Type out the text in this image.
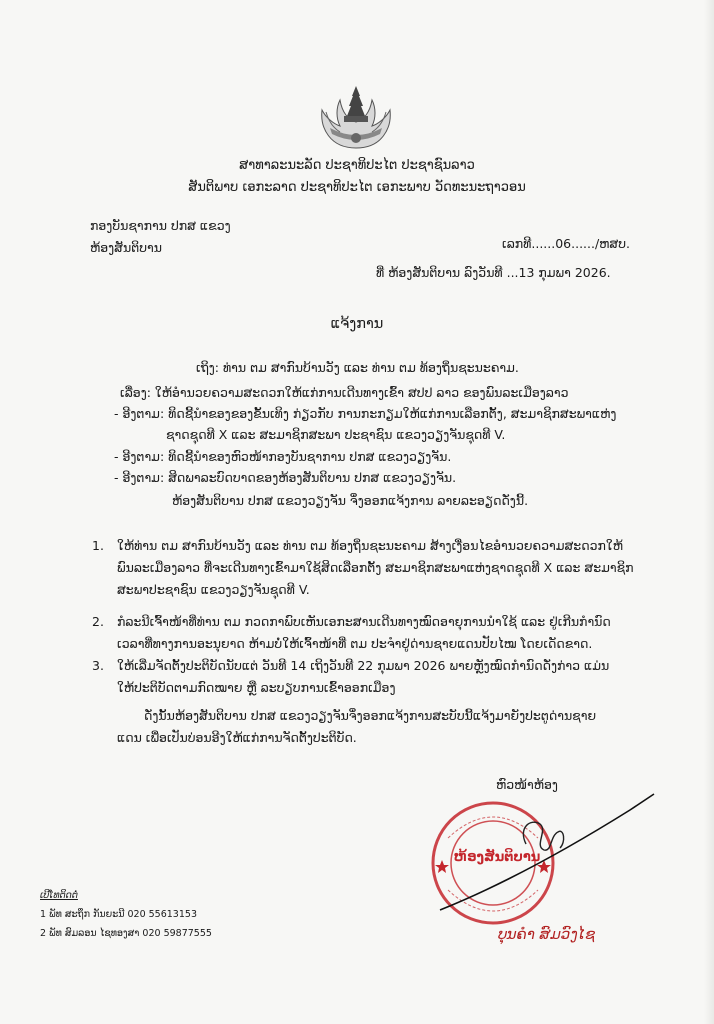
ສາທາລະນະລັດ ປະຊາທິປະໄຕ ປະຊາຊົນລາວ
ສັນຕິພາບ ເອກະລາດ ປະຊາທິປະໄຕ ເອກະພາບ ວັດທະນະຖາວອນ
ກອງບັນຊາການ ປກສ ແຂວງ
ຫ້ອງສັນຕິບານ	ເລກທີ......06....../ຫສບ.
ທີ່ ຫ້ອງສັນຕິບານ ລົງວັນທີ ...13 ກຸມພາ 2026.
ແຈ້ງການ
ເຖິງ: ທ່ານ ຕມ ສາກົນບ້ານວັງ ແລະ ທ່ານ ຕມ ທ້ອງຖິ່ນຊະນະຄາມ.
ເລື່ອງ: ໃຫ້ອຳນວຍຄວາມສະດວກໃຫ້ແກ່ການເດີນທາງເຂົ້າ ສປປ ລາວ ຂອງພົນລະເມືອງລາວ
- ອີງຕາມ: ທິດຊີ້ນຳຂອງຂອງຂັ້ນເທິງ ກ່ຽວກັບ ການກະກຽມໃຫ້ແກ່ການເລືອກຕັ້ງ, ສະມາຊິກສະພາແຫ່ງ
ຊາດຊຸດທີ X ແລະ ສະມາຊິກສະພາ ປະຊາຊົນ ແຂວງວຽງຈັນຊຸດທີ V.
- ອີງຕາມ: ທິດຊີ້ນຳຂອງຫົວໜ້າກອງບັນຊາການ ປກສ ແຂວງວຽງຈັນ.
- ອີງຕາມ: ສິດພາລະບົດບາດຂອງຫ້ອງສັນຕິບານ ປກສ ແຂວງວຽງຈັນ.
ຫ້ອງສັນຕິບານ ປກສ ແຂວງວຽງຈັນ ຈຶ່ງອອກແຈ້ງການ ລາຍລະອຽດດັ່ງນີ້.
1. ໃຫ້ທ່ານ ຕມ ສາກົນບ້ານວັງ ແລະ ທ່ານ ຕມ ທ້ອງຖິ່ນຊະນະຄາມ ສ້າງເງື່ອນໄຂອຳນວຍຄວາມສະດວກໃຫ້
ພົນລະເມືອງລາວ ທີ່ຈະເດີນທາງເຂົ້າມາໃຊ້ສິດເລືອກຕັ້ງ ສະມາຊິກສະພາແຫ່ງຊາດຊຸດທີ X ແລະ ສະມາຊິກ
ສະພາປະຊາຊົນ ແຂວງວຽງຈັນຊຸດທີ V.
2. ກໍລະນີເຈົ້າໜ້າທີ່ທ່ານ ຕມ ກວດກາພົບເຫັນເອກະສານເດີນທາງໝົດອາຍຸການນຳໃຊ້ ແລະ ຢູ່ເກີນກຳນົດ
ເວລາທີ່ທາງການອະນຸຍາດ ຫ້າມບໍ່ໃຫ້ເຈົ້າໜ້າທີ່ ຕມ ປະຈຳຢູ່ດ່ານຊາຍແດນປັບໄໝ ໂດຍເດັດຂາດ.
3. ໃຫ້ເລີ່ມຈັດຕັ້ງປະຕິບັດນັບແຕ່ ວັນທີ 14 ເຖິງວັນທີ 22 ກຸມພາ 2026 ພາຍຫຼັງໝົດກຳນົດດັ່ງກ່າວ ແມ່ນ
ໃຫ້ປະຕິບັດຕາມກົດໝາຍ ຫຼື ລະບຽບການເຂົ້າອອກເມືອງ
ດັ່ງນັ້ນຫ້ອງສັນຕິບານ ປກສ ແຂວງວຽງຈັນຈຶ່ງອອກແຈ້ງການສະບັບນີ້ແຈ້ງມາຍັງປະຕູດ່ານຊາຍ
ແດນ ເພື່ອເປັນບ່ອນອີງໃຫ້ແກ່ການຈັດຕັ້ງປະຕິບັດ.
ຫົວໜ້າຫ້ອງ
ຫ້ອງສັນຕິບານ
ບຸນຄຳ ສົມວົງໄຊ
ເບີໂທຕິດຕໍ່
1 ພັທ ສະຖຶກ ກັນຍະນີ 020 55613153
2 ພັທ ສົມລອນ ໄຊທອງສາ 020 59877555
